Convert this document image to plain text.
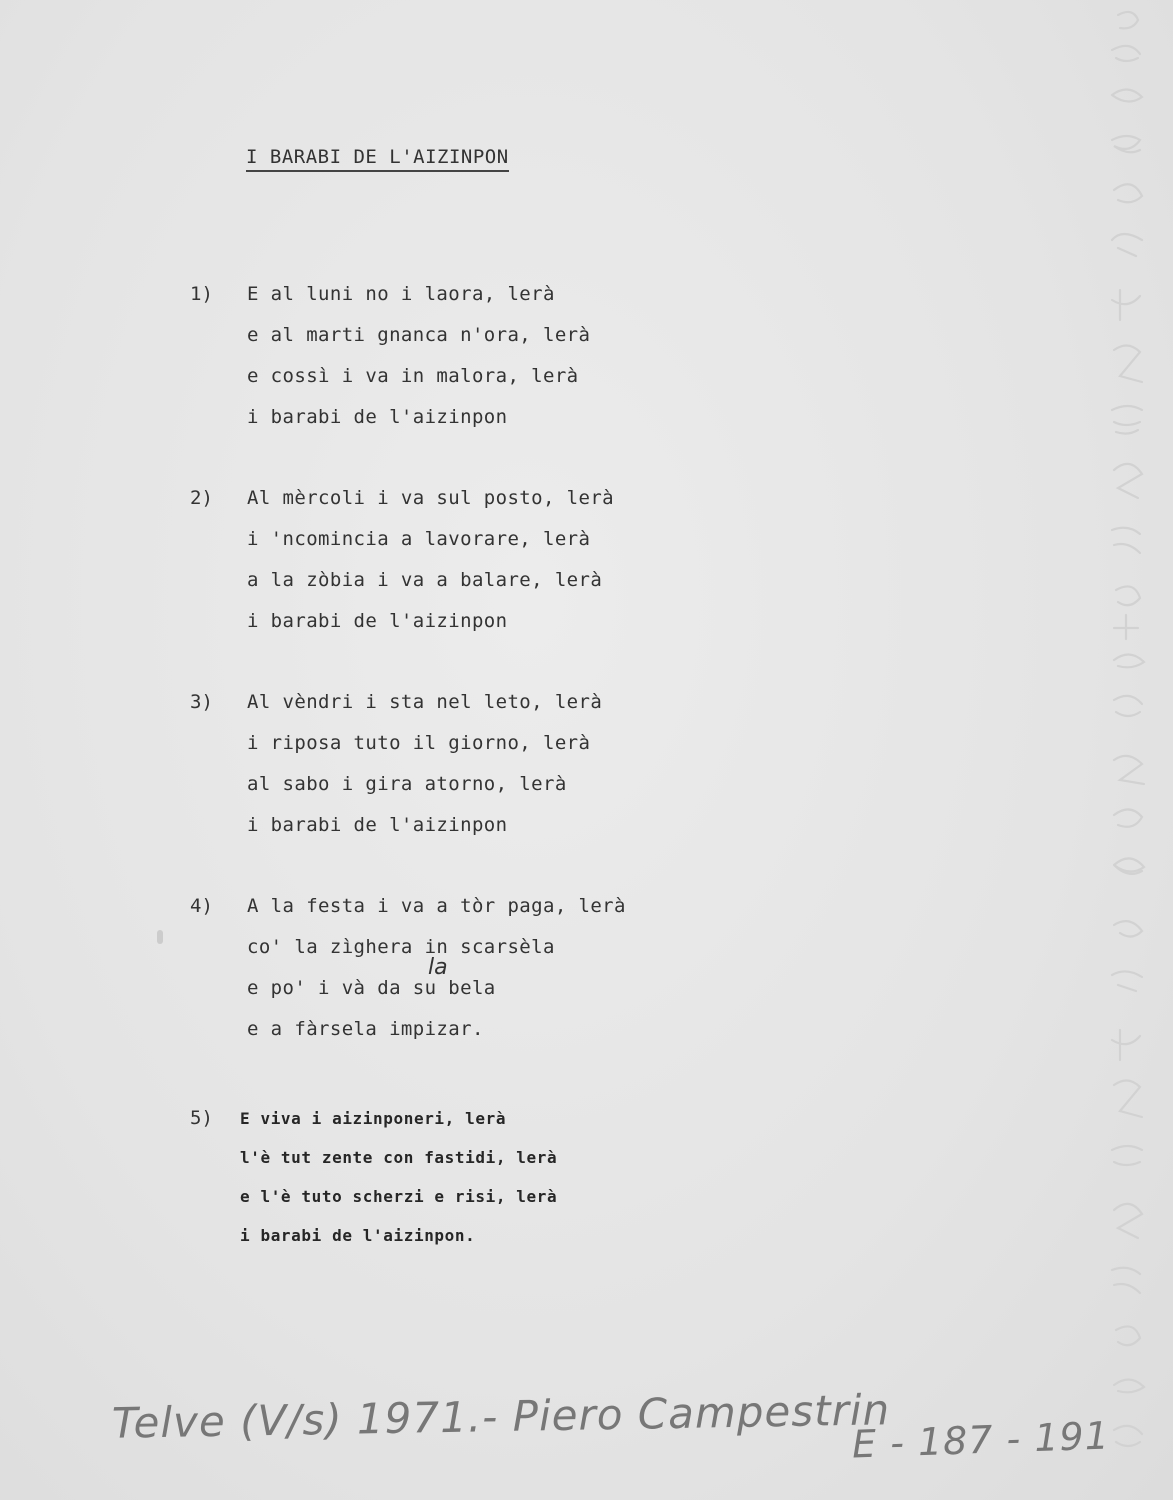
I BARABI DE L'AIZINPON
1)	E al luni no i laora, lerà
e al marti gnanca n'ora, lerà
e cossì i va in malora, lerà
i barabi de l'aizinpon
2)	Al mèrcoli i va sul posto, lerà
i 'ncomincia a lavorare, lerà
a la zòbia i va a balare, lerà
i barabi de l'aizinpon
3)	Al vèndri i sta nel leto, lerà
i riposa tuto il giorno, lerà
al sabo i gira atorno, lerà
i barabi de l'aizinpon
4)	A la festa i va a tòr paga, lerà
co' la zìghera in scarsèla
e po' i và da su bela
e a fàrsela impizar.
la
5)	E viva i aizinponeri, lerà
l'è tut zente con fastidi, lerà
e l'è tuto scherzi e risi, lerà
i barabi de l'aizinpon.
Telve (V/s) 1971.- Piero Campestrin
E - 187 - 191
